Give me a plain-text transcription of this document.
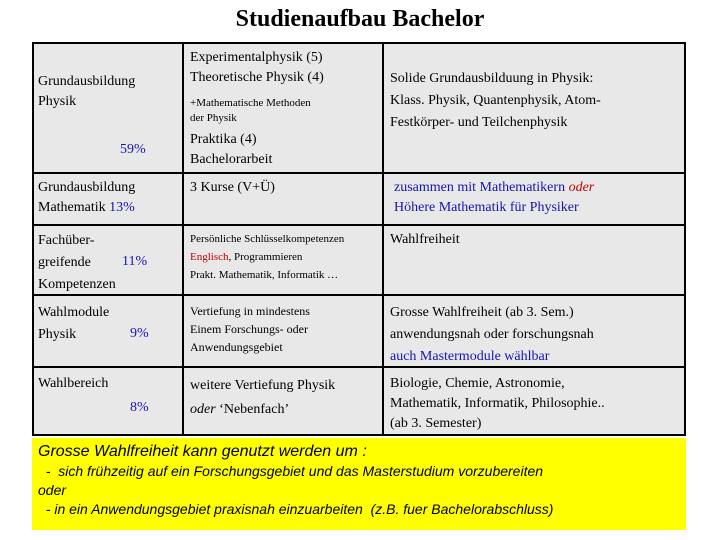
Studienaufbau Bachelor
Grundausbildung
Physik
59%
Experimentalphysik (5)
Theoretische Physik (4)
+Mathematische Methoden
der Physik
Praktika (4)
Bachelorarbeit
Solide Grundausbilduung in Physik:
Klass. Physik, Quantenphysik, Atom-
Festkörper- und Teilchenphysik
Grundausbildung
Mathematik 13%
3 Kurse (V+Ü)	zusammen mit Mathematikern oder
Höhere Mathematik für Physiker
Fachüber-
greifende
Kompetenzen
11%
Persönliche Schlüsselkompetenzen
Englisch, Programmieren
Prakt. Mathematik, Informatik …
Wahlfreiheit
Wahlmodule
Physik	9%
Vertiefung in mindestens
Einem Forschungs- oder
Anwendungsgebiet
Grosse Wahlfreiheit (ab 3. Sem.)
anwendungsnah oder forschungsnah
auch Mastermodule wählbar
Wahlbereich
8%
weitere Vertiefung Physik
oder ‘Nebenfach’
Biologie, Chemie, Astronomie,
Mathematik, Informatik, Philosophie..
(ab 3. Semester)
Grosse Wahlfreiheit kann genutzt werden um :
-  sich frühzeitig auf ein Forschungsgebiet und das Masterstudium vorzubereiten
oder
- in ein Anwendungsgebiet praxisnah einzuarbeiten  (z.B. fuer Bachelorabschluss)
